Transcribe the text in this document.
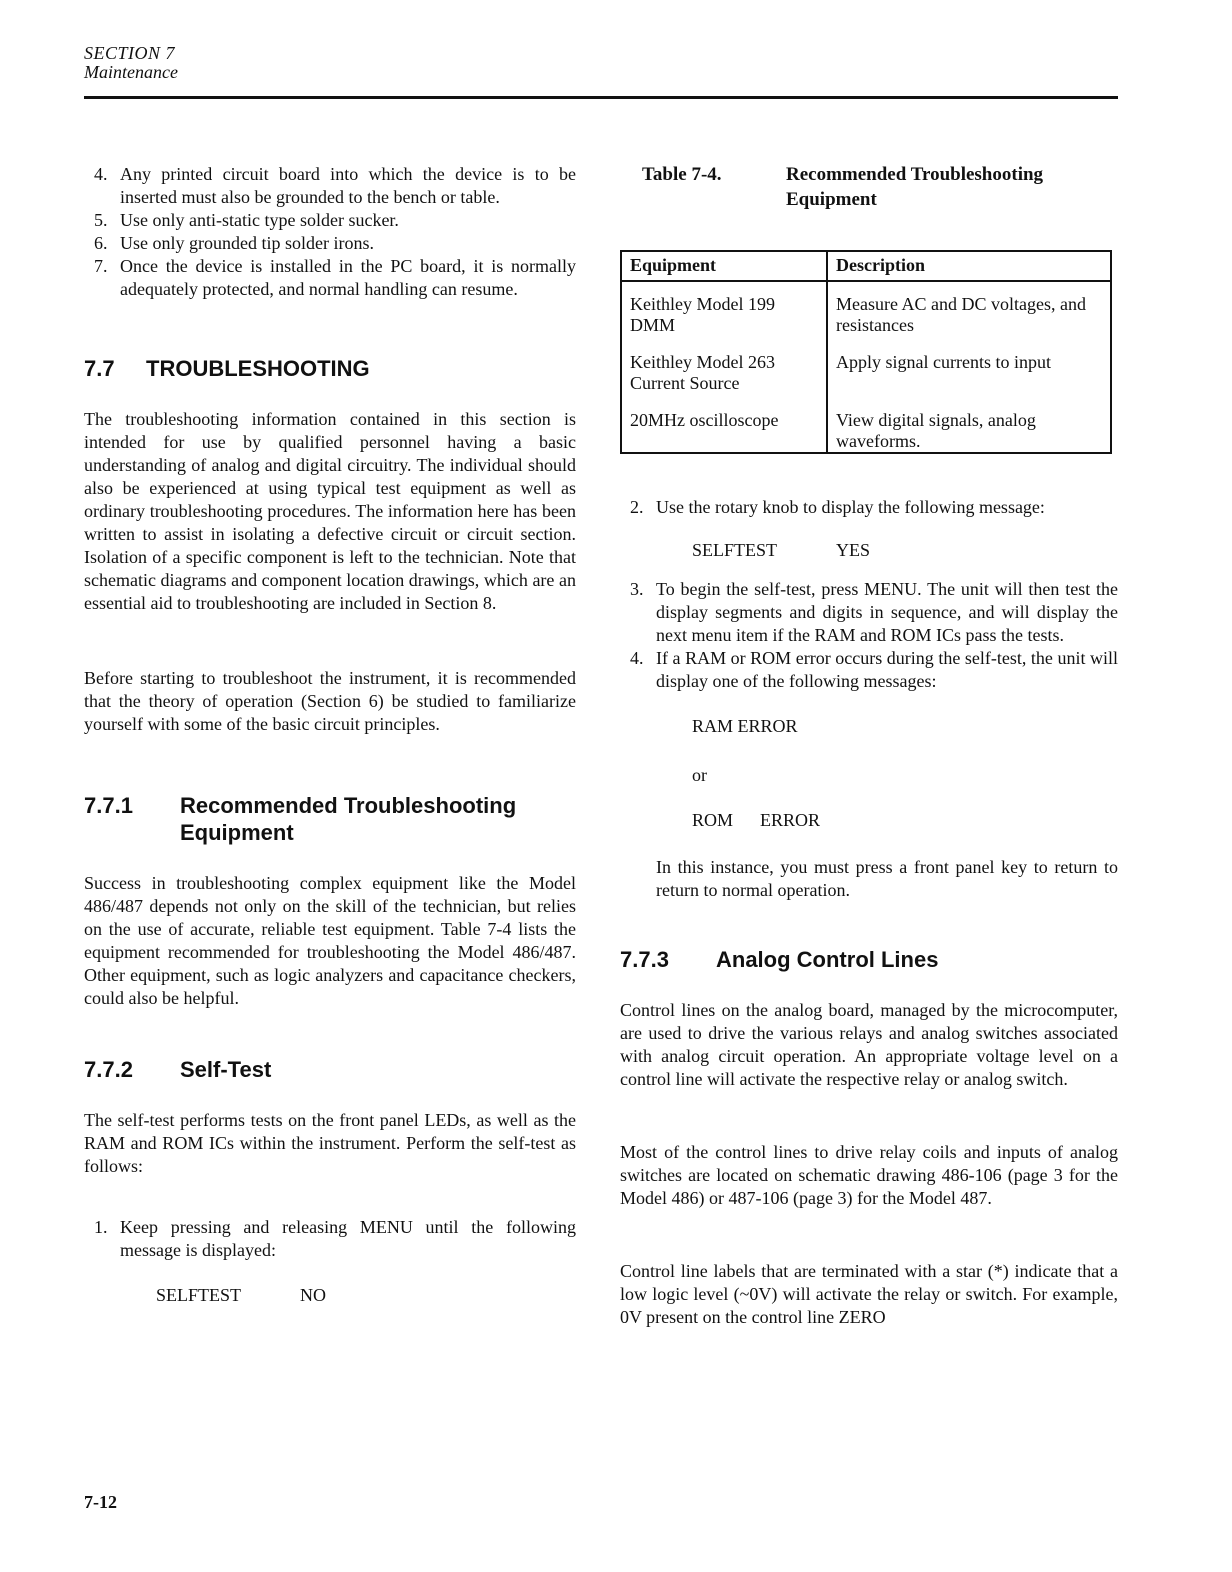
SECTION 7
Maintenance
4. Any printed circuit board into which the device is to be inserted must also be grounded to the bench or table.
5. Use only anti-static type solder sucker.
6. Use only grounded tip solder irons.
7. Once the device is installed in the PC board, it is normally adequately protected, and normal handling can resume.
7.7	TROUBLESHOOTING

The troubleshooting information contained in this section is intended for use by qualified personnel having a basic understanding of analog and digital circuitry. The individual should also be experienced at using typical test equipment as well as ordinary troubleshooting procedures. The information here has been written to assist in isolating a defective circuit or circuit section. Isolation of a specific component is left to the technician. Note that schematic diagrams and component location drawings, which are an essential aid to troubleshooting are included in Section 8.

Before starting to troubleshoot the instrument, it is recommended that the theory of operation (Section 6) be studied to familiarize yourself with some of the basic circuit principles.

7.7.1	Recommended Troubleshooting Equipment

Success in troubleshooting complex equipment like the Model 486/487 depends not only on the skill of the technician, but relies on the use of accurate, reliable test equipment. Table 7-4 lists the equipment recommended for troubleshooting the Model 486/487. Other equipment, such as logic analyzers and capacitance checkers, could also be helpful.

7.7.2	Self-Test

The self-test performs tests on the front panel LEDs, as well as the RAM and ROM ICs within the instrument. Perform the self-test as follows:

1. Keep pressing and releasing MENU until the following message is displayed:
SELFTEST	NO
Table 7-4.	Recommended Troubleshooting Equipment
Equipment	Description
Keithley Model 199 DMM	Measure AC and DC voltages, and resistances
Keithley Model 263 Current Source	Apply signal currents to input
20MHz oscilloscope	View digital signals, analog waveforms.
2. Use the rotary knob to display the following message:
SELFTEST	YES
3. To begin the self-test, press MENU. The unit will then test the display segments and digits in sequence, and will display the next menu item if the RAM and ROM ICs pass the tests.
4. If a RAM or ROM error occurs during the self-test, the unit will display one of the following messages:
RAM ERROR
or
ROM	ERROR

In this instance, you must press a front panel key to return to return to normal operation.

7.7.3	Analog Control Lines

Control lines on the analog board, managed by the microcomputer, are used to drive the various relays and analog switches associated with analog circuit operation. An appropriate voltage level on a control line will activate the respective relay or analog switch.

Most of the control lines to drive relay coils and inputs of analog switches are located on schematic drawing 486-106 (page 3 for the Model 486) or 487-106 (page 3) for the Model 487.

Control line labels that are terminated with a star (*) indicate that a low logic level (~0V) will activate the relay or switch. For example, 0V present on the control line ZERO

7-12
